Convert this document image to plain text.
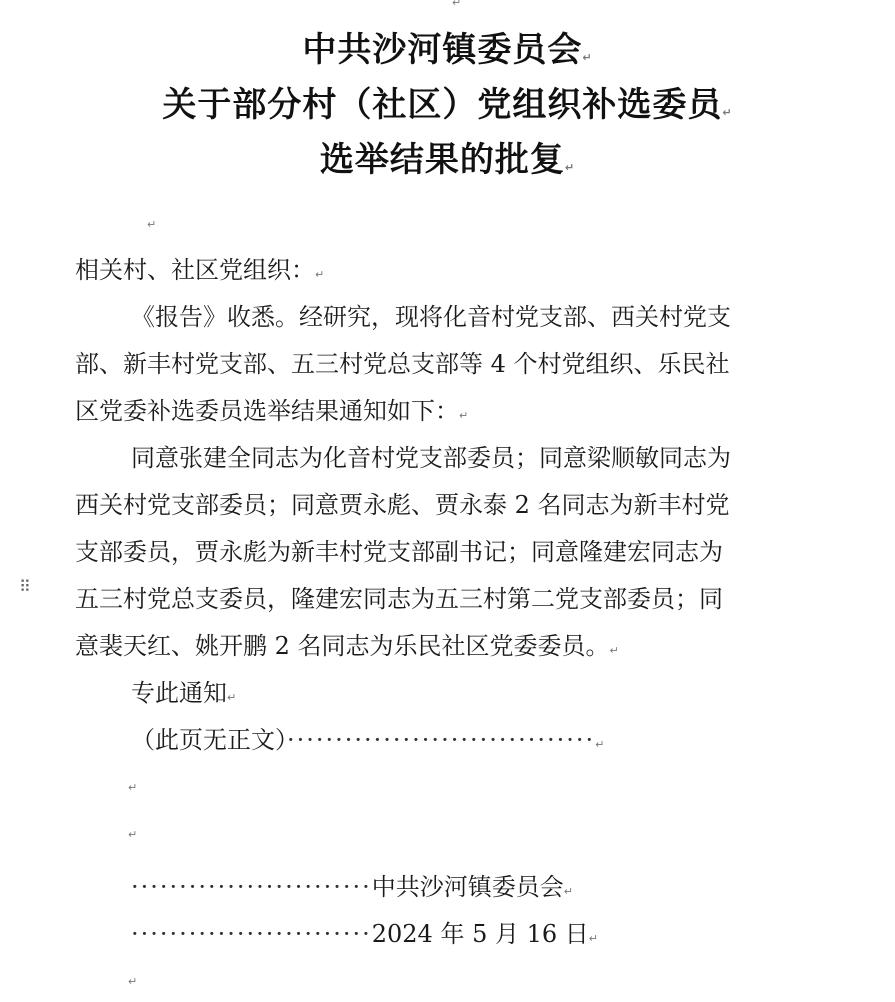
↵
中共沙河镇委员会↵
关于部分村（社区）党组织补选委员↵
选举结果的批复↵
↵
相关村、社区党组织：↵
《报告》收悉。经研究，现将化音村党支部、西关村党支
部、新丰村党支部、五三村党总支部等 4 个村党组织、乐民社
区党委补选委员选举结果通知如下：↵
同意张建全同志为化音村党支部委员；同意梁顺敏同志为
西关村党支部委员；同意贾永彪、贾永泰 2 名同志为新丰村党
支部委员，贾永彪为新丰村党支部副书记；同意隆建宏同志为
五三村党总支委员，隆建宏同志为五三村第二党支部委员；同
意裴天红、姚开鹏 2 名同志为乐民社区党委委员。↵
⠿
专此通知↵
（此页无正文）································↵
↵
↵
·························中共沙河镇委员会↵
·························2024 年 5 月 16 日↵
↵
